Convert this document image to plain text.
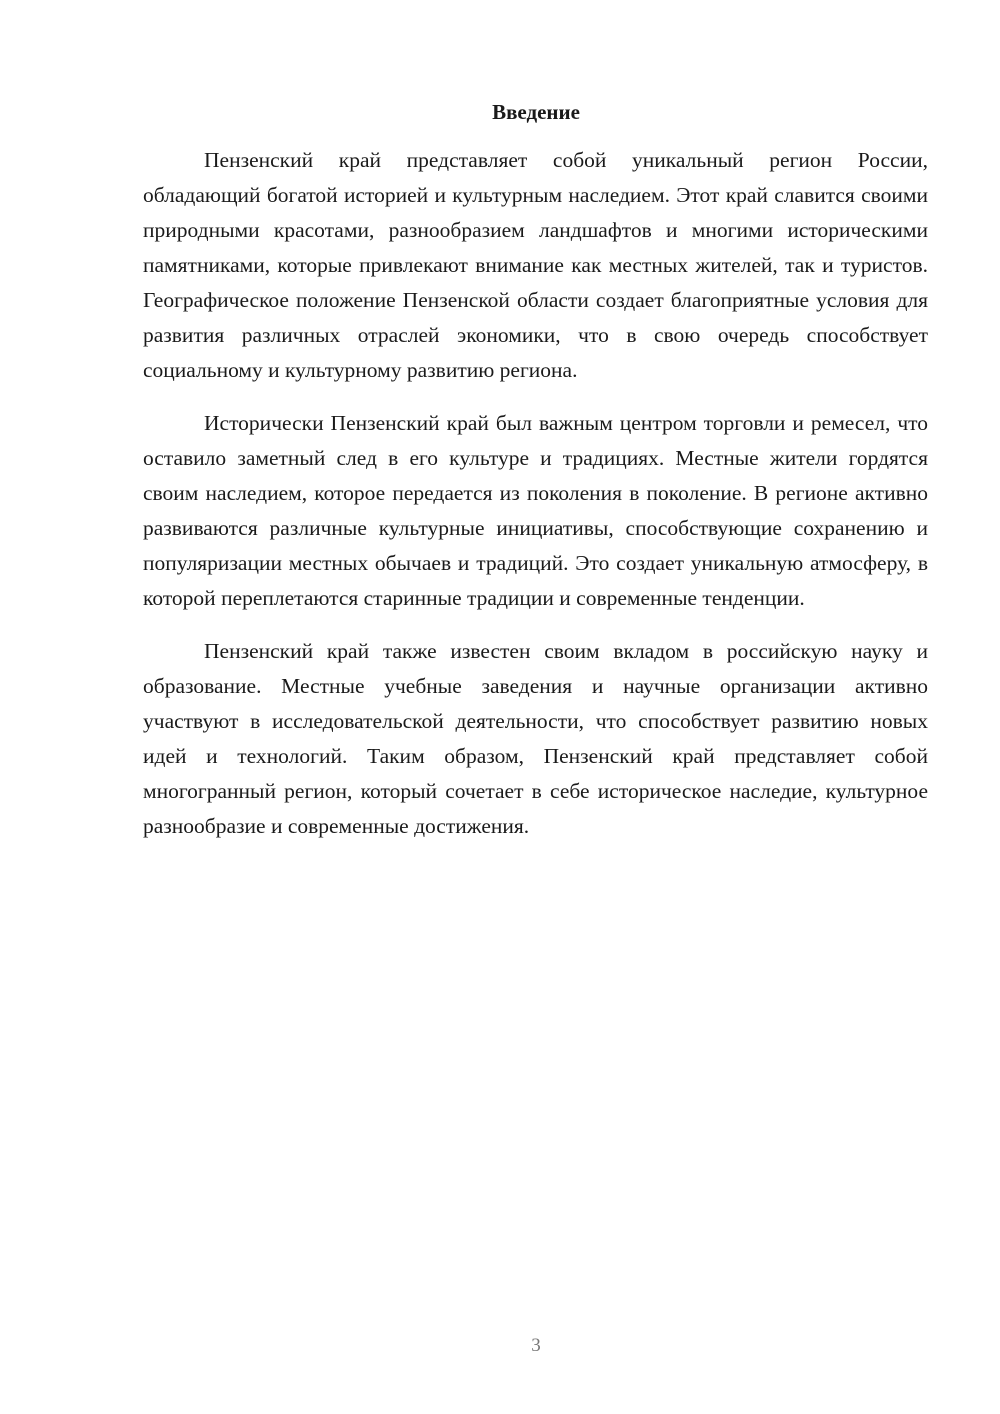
Введение

Пензенский край представляет собой уникальный регион России, обладающий богатой историей и культурным наследием. Этот край славится своими природными красотами, разнообразием ландшафтов и многими историческими памятниками, которые привлекают внимание как местных жителей, так и туристов. Географическое положение Пензенской области создает благоприятные условия для развития различных отраслей экономики, что в свою очередь способствует социальному и культурному развитию региона.

Исторически Пензенский край был важным центром торговли и ремесел, что оставило заметный след в его культуре и традициях. Местные жители гордятся своим наследием, которое передается из поколения в поколение. В регионе активно развиваются различные культурные инициативы, способствующие сохранению и популяризации местных обычаев и традиций. Это создает уникальную атмосферу, в которой переплетаются старинные традиции и современные тенденции.

Пензенский край также известен своим вкладом в российскую науку и образование. Местные учебные заведения и научные организации активно участвуют в исследовательской деятельности, что способствует развитию новых идей и технологий. Таким образом, Пензенский край представляет собой многогранный регион, который сочетает в себе историческое наследие, культурное разнообразие и современные достижения.

3
